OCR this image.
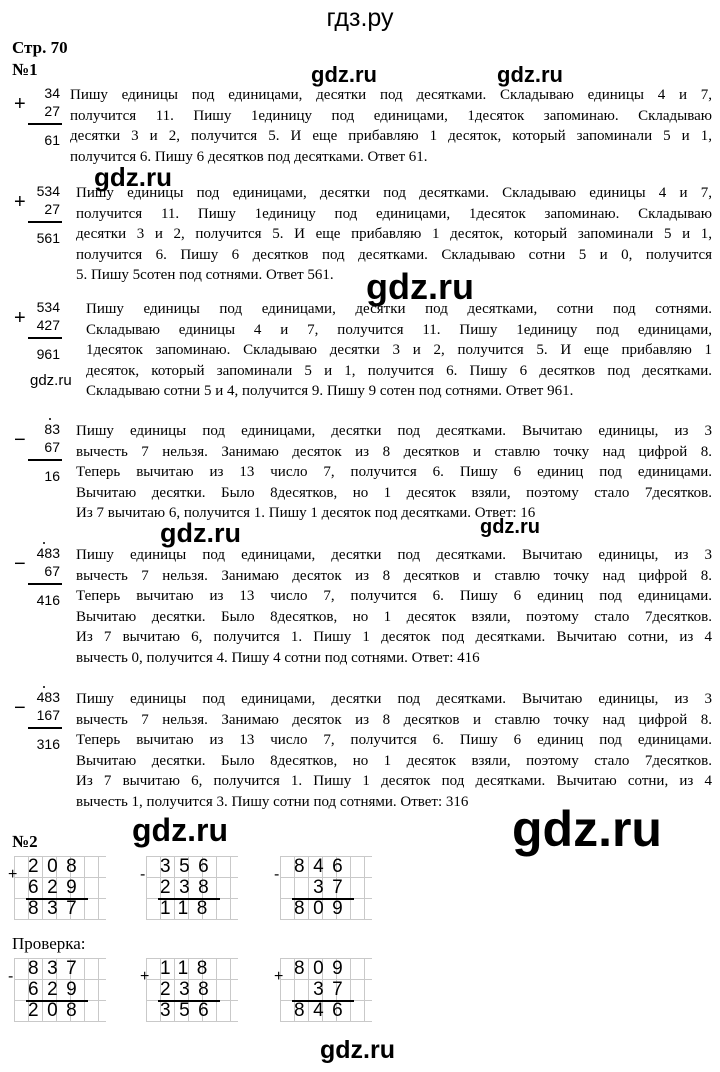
гдз.ру
Стр. 70
№1	gdz.ru	gdz.ru
gdz.ru
gdz.ru
gdz.ru
gdz.ru	gdz.ru
gdz.ru	gdz.ru
gdz.ru
+	34
27
61
Пишу единицы под единицами, десятки под десятками. Складываю единицы 4 и 7,
получится 11. Пишу 1единицу под единицами, 1десяток запоминаю. Складываю
десятки 3 и 2, получится 5. И еще прибавляю 1 десяток, который запоминали 5 и 1,
получится 6. Пишу 6 десятков под десятками. Ответ 61.
+ 534
27
561
Пишу единицы под единицами, десятки под десятками. Складываю единицы 4 и 7,
получится 11. Пишу 1единицу под единицами, 1десяток запоминаю. Складываю
десятки 3 и 2, получится 5. И еще прибавляю 1 десяток, который запоминали 5 и 1,
получится 6. Пишу 6 десятков под десятками. Складываю сотни 5 и 0, получится
5. Пишу 5сотен под сотнями. Ответ 561.
+ 534
427
961
Пишу единицы под единицами, десятки под десятками, сотни под сотнями.
Складываю единицы 4 и 7, получится 11. Пишу 1единицу под единицами,
1десяток запоминаю. Складываю десятки 3 и 2, получится 5. И еще прибавляю 1
десяток, который запоминали 5 и 1, получится 6. Пишу 6 десятков под десятками.
Складываю сотни 5 и 4, получится 9. Пишу 9 сотен под сотнями. Ответ 961.
−	83
67
16
Пишу единицы под единицами, десятки под десятками. Вычитаю единицы, из 3
вычесть 7 нельзя. Занимаю десяток из 8 десятков и ставлю точку над цифрой 8.
Теперь вычитаю из 13 число 7, получится 6. Пишу 6 единиц под единицами.
Вычитаю десятки. Было 8десятков, но 1 десяток взяли, поэтому стало 7десятков.
Из 7 вычитаю 6, получится 1. Пишу 1 десяток под десятками. Ответ: 16
− 483
67
416
Пишу единицы под единицами, десятки под десятками. Вычитаю единицы, из 3
вычесть 7 нельзя. Занимаю десяток из 8 десятков и ставлю точку над цифрой 8.
Теперь вычитаю из 13 число 7, получится 6. Пишу 6 единиц под единицами.
Вычитаю десятки. Было 8десятков, но 1 десяток взяли, поэтому стало 7десятков.
Из 7 вычитаю 6, получится 1. Пишу 1 десяток под десятками. Вычитаю сотни, из 4
вычесть 0, получится 4. Пишу 4 сотни под сотнями. Ответ: 416
− 483
167
316
Пишу единицы под единицами, десятки под десятками. Вычитаю единицы, из 3
вычесть 7 нельзя. Занимаю десяток из 8 десятков и ставлю точку над цифрой 8.
Теперь вычитаю из 13 число 7, получится 6. Пишу 6 единиц под единицами.
Вычитаю десятки. Было 8десятков, но 1 десяток взяли, поэтому стало 7десятков.
Из 7 вычитаю 6, получится 1. Пишу 1 десяток под десятками. Вычитаю сотни, из 4
вычесть 1, получится 3. Пишу сотни под сотнями. Ответ: 316
№2
+ 208
629
837
- 356
238
118
- 846
 37
809
Проверка:
- 837
629
208
+ 118
238
356
+ 809
 37
846
